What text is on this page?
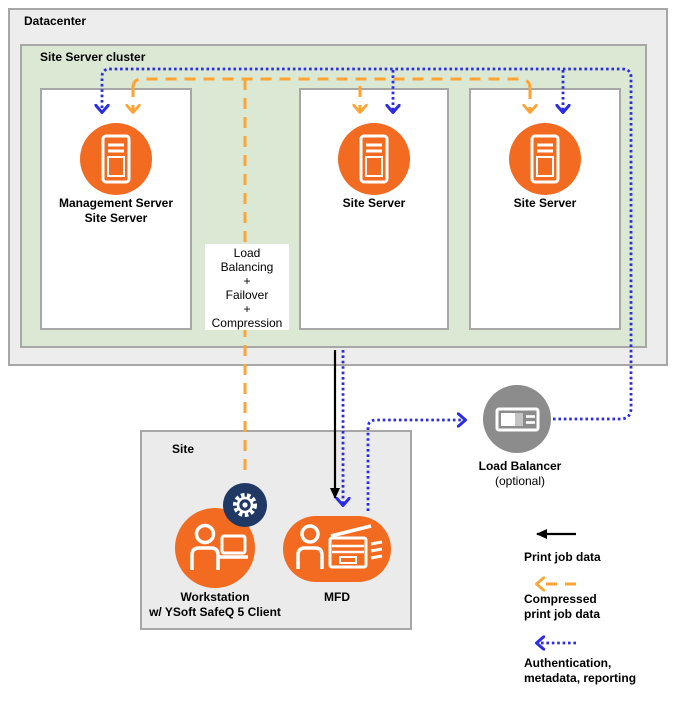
Datacenter
Site Server cluster
Management Server
Site Server
Site Server	Site Server
Site
Workstation
w/ YSoft SafeQ 5 Client
MFD
Load
Balancing
+
Failover
+
Compression
Load Balancer
(optional)
Print job data
Compressed
print job data
Authentication,
metadata, reporting
